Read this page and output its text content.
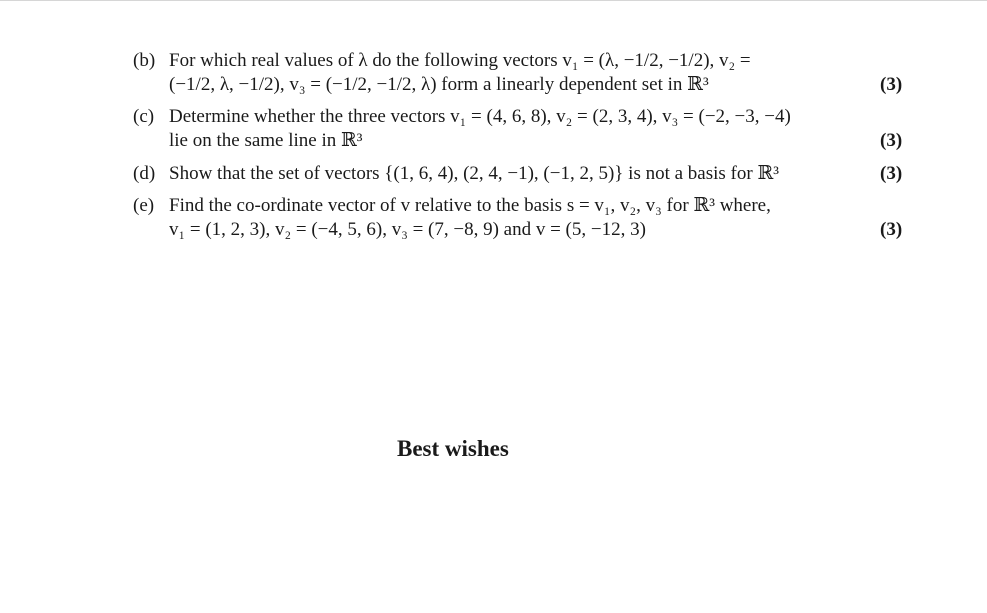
(b) For which real values of λ do the following vectors v₁ = (λ, −1/2, −1/2), v₂ =
(−1/2, λ, −1/2), v₃ = (−1/2, −1/2, λ) form a linearly dependent set in ℝ³	(3)
(c) Determine whether the three vectors v₁ = (4, 6, 8), v₂ = (2, 3, 4), v₃ = (−2, −3, −4)
lie on the same line in ℝ³	(3)
(d) Show that the set of vectors {(1, 6, 4), (2, 4, −1), (−1, 2, 5)} is not a basis for ℝ³	(3)
(e) Find the co-ordinate vector of v relative to the basis s = v₁, v₂, v₃ for ℝ³ where,
v₁ = (1, 2, 3), v₂ = (−4, 5, 6), v₃ = (7, −8, 9) and v = (5, −12, 3)	(3)
Best wishes
